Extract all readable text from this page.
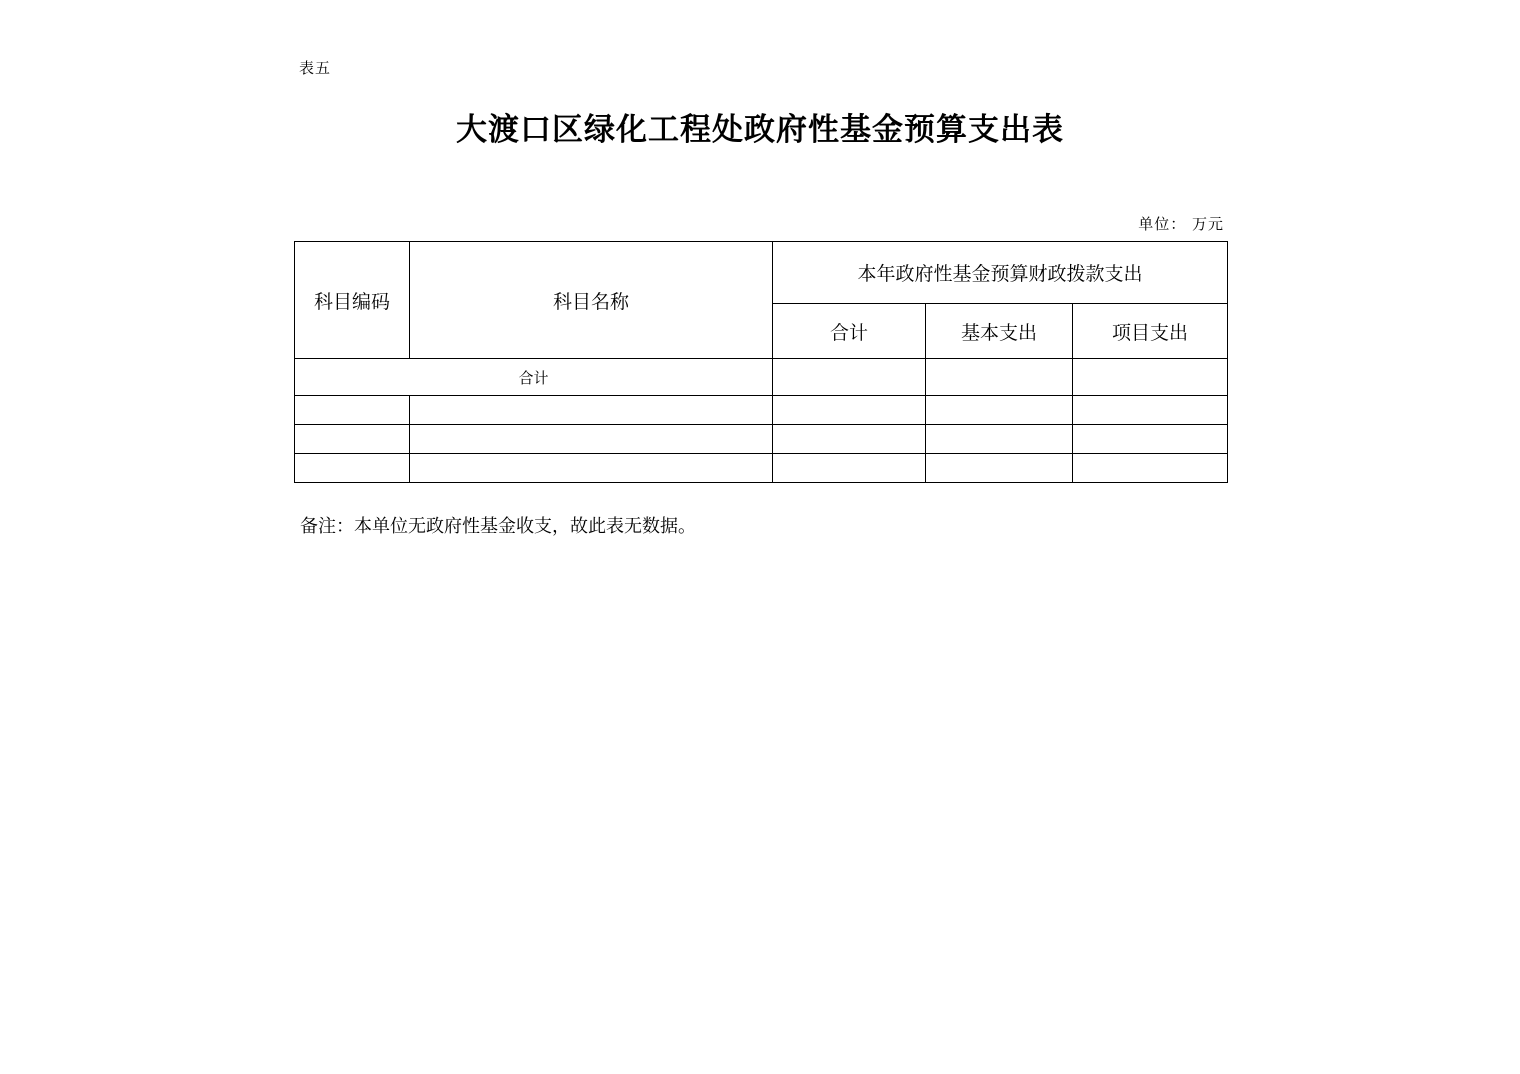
表五
大渡口区绿化工程处政府性基金预算支出表
单位： 万元
科目编码	科目名称	本年政府性基金预算财政拨款支出		
		合计	基本支出	项目支出
合计				

备注：本单位无政府性基金收支，故此表无数据。
